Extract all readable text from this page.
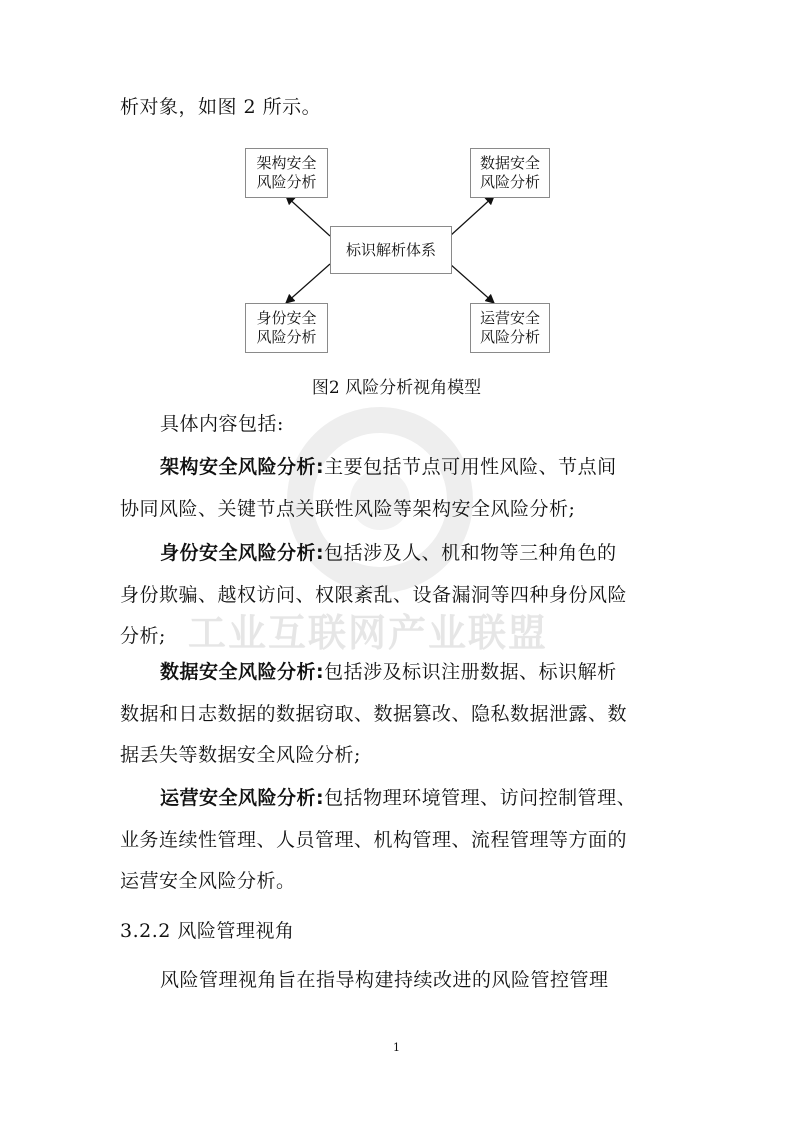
工业互联网产业联盟
析对象，如图 2 所示。
架构安全
风险分析
数据安全
风险分析
标识解析体系
身份安全
风险分析
运营安全
风险分析
图2 风险分析视角模型
具体内容包括:
架构安全风险分析:主要包括节点可用性风险、节点间
协同风险、关键节点关联性风险等架构安全风险分析;
身份安全风险分析:包括涉及人、机和物等三种角色的
身份欺骗、越权访问、权限紊乱、设备漏洞等四种身份风险
分析;
数据安全风险分析:包括涉及标识注册数据、标识解析
数据和日志数据的数据窃取、数据篡改、隐私数据泄露、数
据丢失等数据安全风险分析;
运营安全风险分析:包括物理环境管理、访问控制管理、
业务连续性管理、人员管理、机构管理、流程管理等方面的
运营安全风险分析。
3.2.2 风险管理视角
风险管理视角旨在指导构建持续改进的风险管控管理
1
